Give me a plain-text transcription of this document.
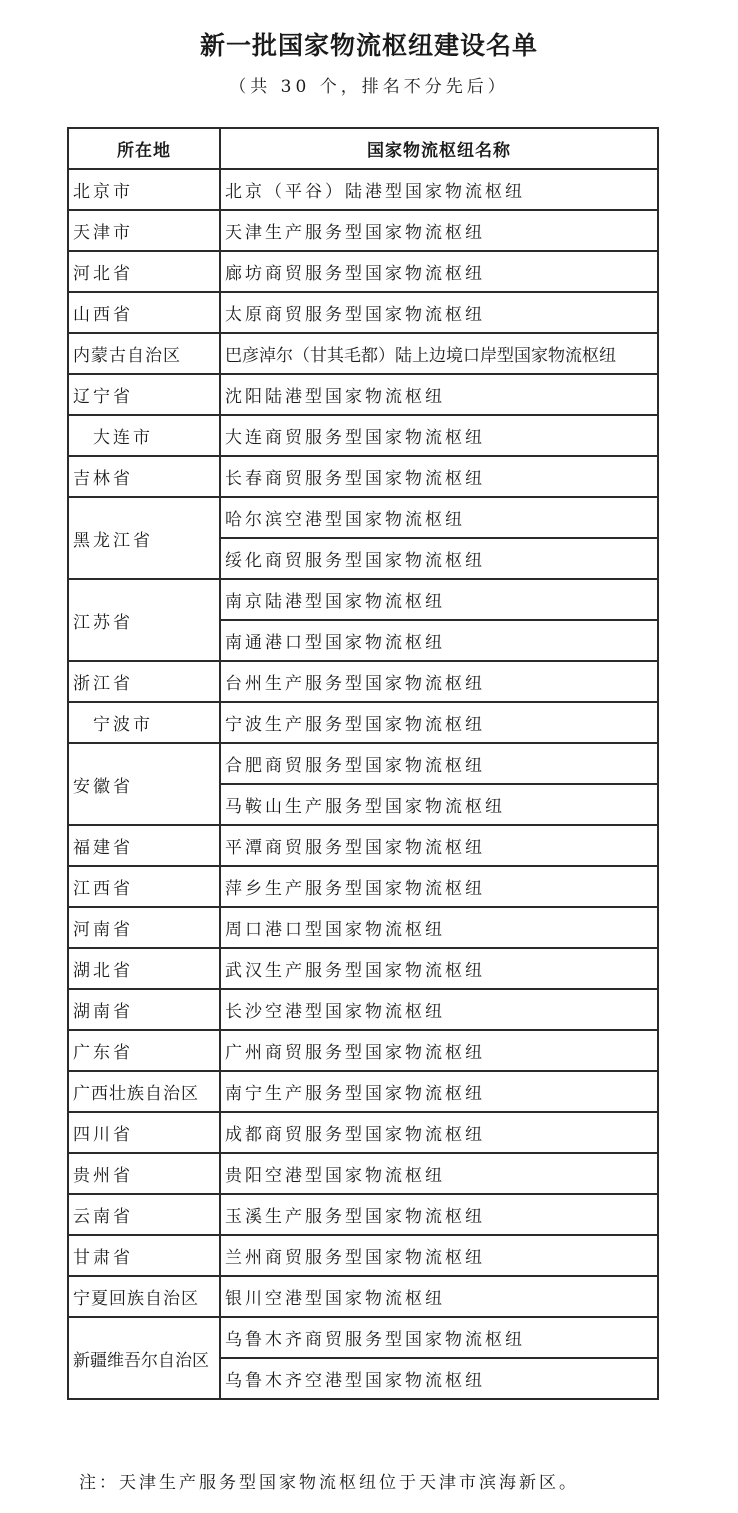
新一批国家物流枢纽建设名单
（共 30 个，排名不分先后）
所在地	国家物流枢纽名称
北京市	北京（平谷）陆港型国家物流枢纽
天津市	天津生产服务型国家物流枢纽
河北省	廊坊商贸服务型国家物流枢纽
山西省	太原商贸服务型国家物流枢纽
内蒙古自治区	巴彦淖尔（甘其毛都）陆上边境口岸型国家物流枢纽
辽宁省	沈阳陆港型国家物流枢纽
大连市	大连商贸服务型国家物流枢纽
吉林省	长春商贸服务型国家物流枢纽
黑龙江省	哈尔滨空港型国家物流枢纽
	绥化商贸服务型国家物流枢纽
江苏省	南京陆港型国家物流枢纽
	南通港口型国家物流枢纽
浙江省	台州生产服务型国家物流枢纽
宁波市	宁波生产服务型国家物流枢纽
安徽省	合肥商贸服务型国家物流枢纽
	马鞍山生产服务型国家物流枢纽
福建省	平潭商贸服务型国家物流枢纽
江西省	萍乡生产服务型国家物流枢纽
河南省	周口港口型国家物流枢纽
湖北省	武汉生产服务型国家物流枢纽
湖南省	长沙空港型国家物流枢纽
广东省	广州商贸服务型国家物流枢纽
广西壮族自治区	南宁生产服务型国家物流枢纽
四川省	成都商贸服务型国家物流枢纽
贵州省	贵阳空港型国家物流枢纽
云南省	玉溪生产服务型国家物流枢纽
甘肃省	兰州商贸服务型国家物流枢纽
宁夏回族自治区	银川空港型国家物流枢纽
新疆维吾尔自治区	乌鲁木齐商贸服务型国家物流枢纽
	乌鲁木齐空港型国家物流枢纽
注：天津生产服务型国家物流枢纽位于天津市滨海新区。
